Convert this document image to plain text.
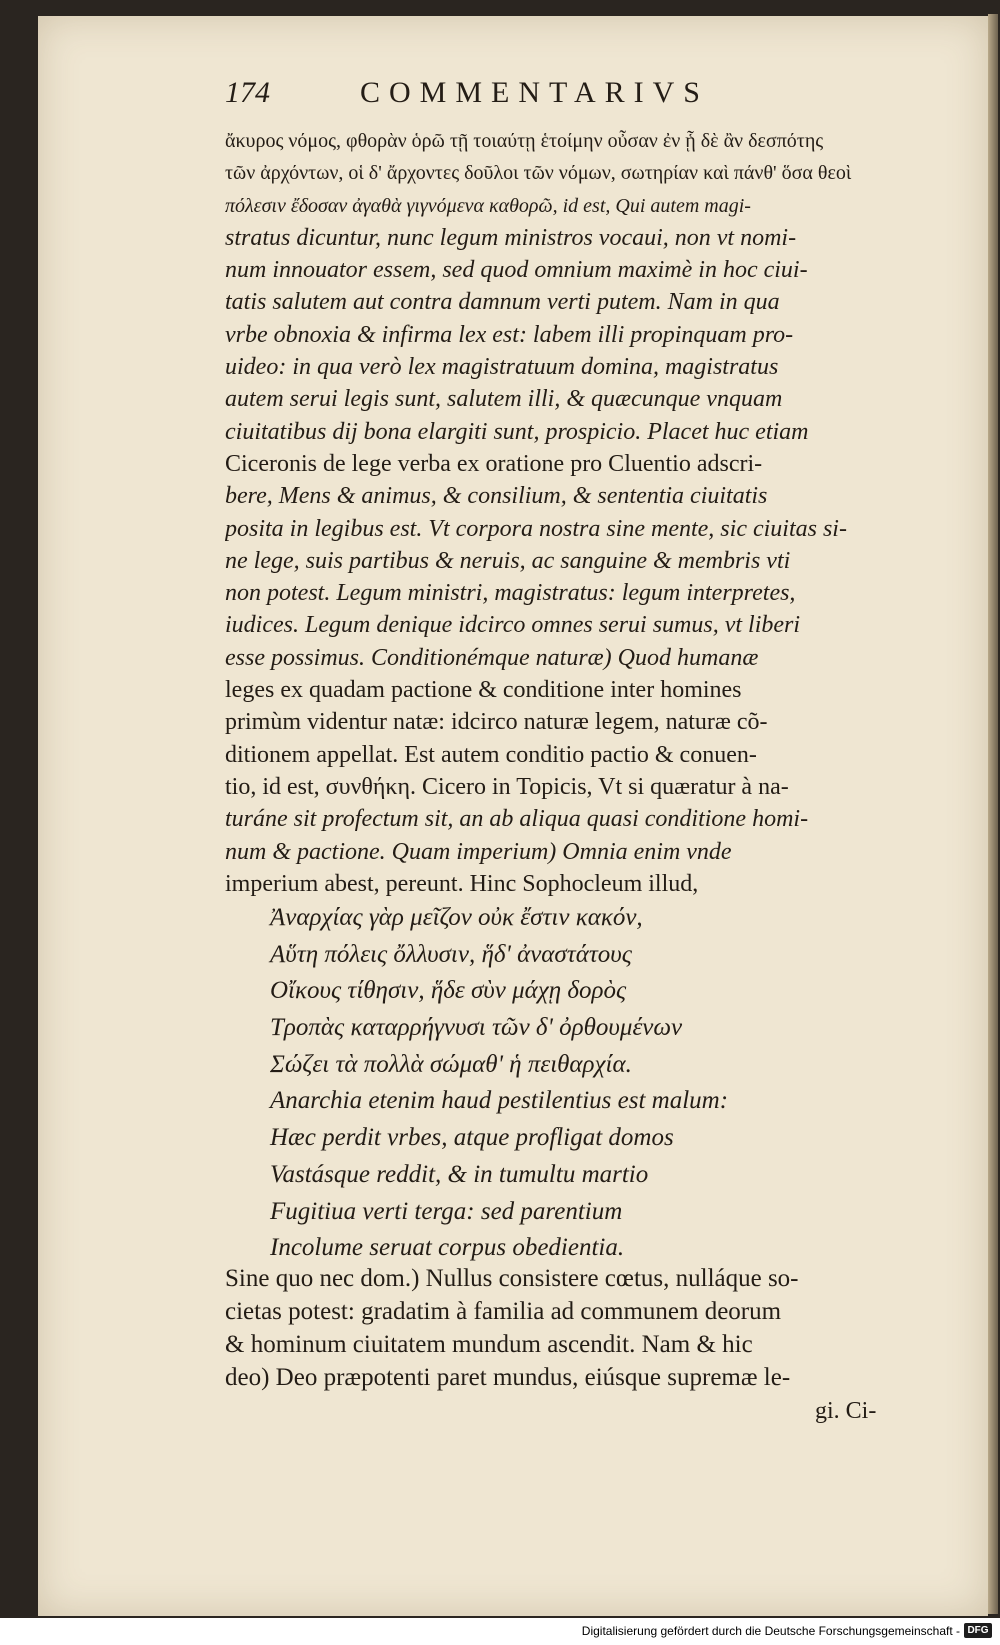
174	COMMENTARIVS
ἄκυρος νόμος, φθορὰν ὁρῶ τῇ τοιαύτῃ ἑτοίμην οὖσαν ἐν ᾗ δὲ ἂν δεσπότης
τῶν ἀρχόντων, οἱ δ' ἄρχοντες δοῦλοι τῶν νόμων, σωτηρίαν καὶ πάνθ' ὅσα θεοὶ
πόλεσιν ἔδοσαν ἀγαθὰ γιγνόμενα καθορῶ, id est, Qui autem magi-
stratus dicuntur, nunc legum ministros vocaui, non vt nomi-
num innouator essem, sed quod omnium maximè in hoc ciui-
tatis salutem aut contra damnum verti putem. Nam in qua
vrbe obnoxia & infirma lex est: labem illi propinquam pro-
uideo: in qua verò lex magistratuum domina, magistratus
autem serui legis sunt, salutem illi, & quæcunque vnquam
ciuitatibus dij bona elargiti sunt, prospicio. Placet huc etiam
Ciceronis de lege verba ex oratione pro Cluentio adscri-
bere, Mens & animus, & consilium, & sententia ciuitatis
posita in legibus est. Vt corpora nostra sine mente, sic ciuitas si-
ne lege, suis partibus & neruis, ac sanguine & membris vti
non potest. Legum ministri, magistratus: legum interpretes,
iudices. Legum denique idcirco omnes serui sumus, vt liberi
esse possimus. Conditionémque naturæ) Quod humanæ
leges ex quadam pactione & conditione inter homines
primùm videntur natæ: idcirco naturæ legem, naturæ cõ-
ditionem appellat. Est autem conditio pactio & conuen-
tio, id est, συνθήκη. Cicero in Topicis, Vt si quæratur à na-
turáne sit profectum sit, an ab aliqua quasi conditione homi-
num & pactione. Quam imperium) Omnia enim vnde
imperium abest, pereunt. Hinc Sophocleum illud,
Ἀναρχίας γὰρ μεῖζον οὐκ ἔστιν κακόν,
Αὕτη πόλεις ὄλλυσιν, ἥδ' ἀναστάτους
Οἴκους τίθησιν, ἥδε σὺν μάχῃ δορὸς
Τροπὰς καταρρήγνυσι τῶν δ' ὀρθουμένων
Σώζει τὰ πολλὰ σώμαθ' ἡ πειθαρχία.
Anarchia etenim haud pestilentius est malum:
Hæc perdit vrbes, atque profligat domos
Vastásque reddit, & in tumultu martio
Fugitiua verti terga: sed parentium
Incolume seruat corpus obedientia.
Sine quo nec dom.) Nullus consistere cœtus, nulláque so-
cietas potest: gradatim à familia ad communem deorum
& hominum ciuitatem mundum ascendit. Nam & hic
deo) Deo præpotenti paret mundus, eiúsque supremæ le-
gi. Ci-
Digitalisierung gefördert durch die Deutsche Forschungsgemeinschaft - DFG
